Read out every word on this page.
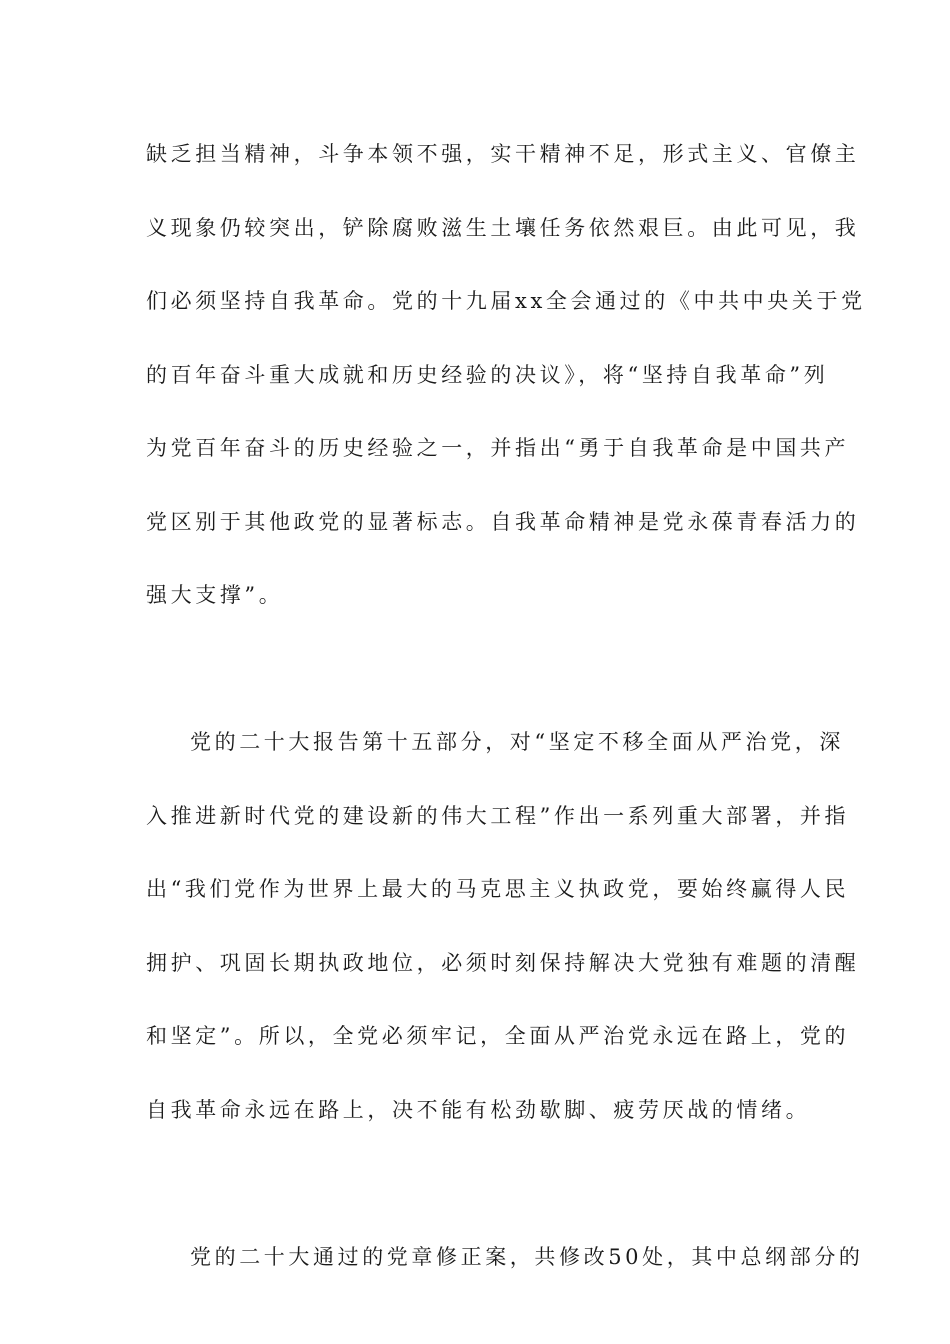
缺乏担当精神，斗争本领不强，实干精神不足，形式主义、官僚主
义现象仍较突出，铲除腐败滋生土壤任务依然艰巨。由此可见，我
们必须坚持自我革命。党的十九届xx全会通过的《中共中央关于党
的百年奋斗重大成就和历史经验的决议》，将“坚持自我革命”列
为党百年奋斗的历史经验之一，并指出“勇于自我革命是中国共产
党区别于其他政党的显著标志。自我革命精神是党永葆青春活力的
强大支撑”。
党的二十大报告第十五部分，对“坚定不移全面从严治党，深
入推进新时代党的建设新的伟大工程”作出一系列重大部署，并指
出“我们党作为世界上最大的马克思主义执政党，要始终赢得人民
拥护、巩固长期执政地位，必须时刻保持解决大党独有难题的清醒
和坚定”。所以，全党必须牢记，全面从严治党永远在路上，党的
自我革命永远在路上，决不能有松劲歇脚、疲劳厌战的情绪。
党的二十大通过的党章修正案，共修改50处，其中总纲部分的
